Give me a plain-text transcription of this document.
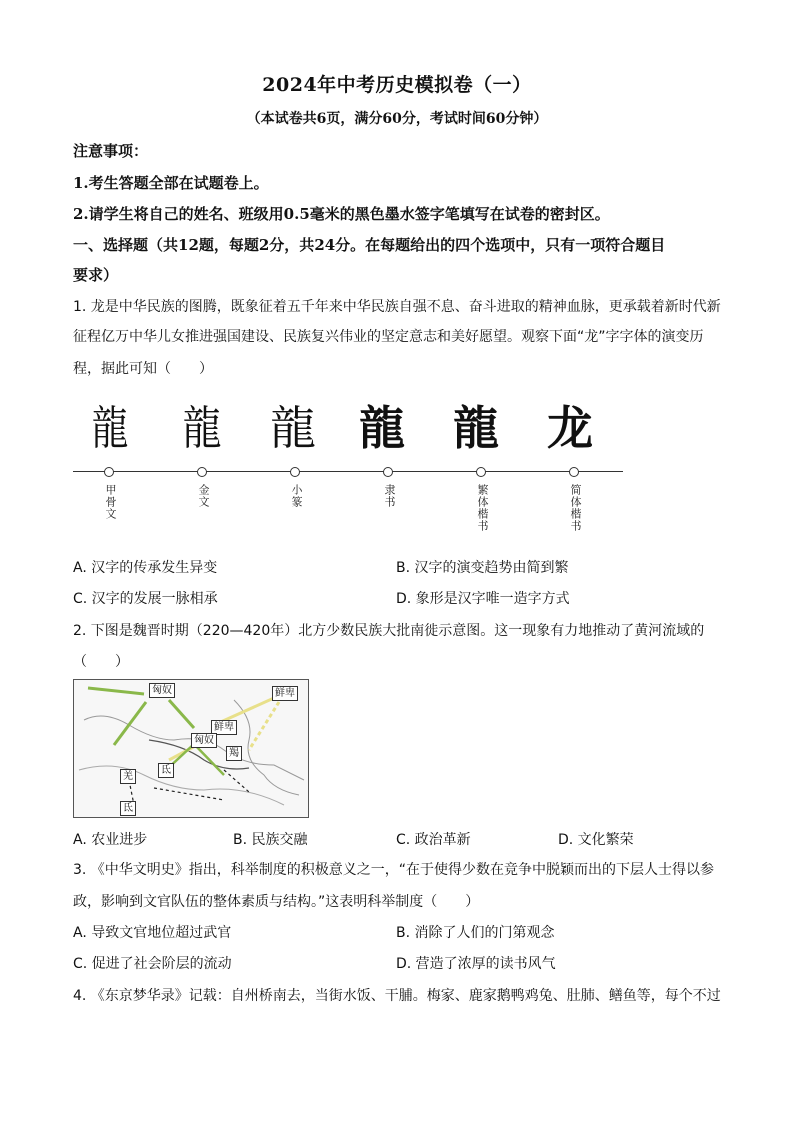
2024年中考历史模拟卷（一）
（本试卷共6页，满分60分，考试时间60分钟）
注意事项：
1.考生答题全部在试题卷上。
2.请学生将自己的姓名、班级用0.5毫米的黑色墨水签字笔填写在试卷的密封区。
一、选择题（共12题，每题2分，共24分。在每题给出的四个选项中，只有一项符合题目
要求）
1. 龙是中华民族的图腾，既象征着五千年来中华民族自强不息、奋斗进取的精神血脉，更承载着新时代新
征程亿万中华儿女推进强国建设、民族复兴伟业的坚定意志和美好愿望。观察下面“龙”字字体的演变历
程，据此可知（　　）
龍 龍 龍 龍 龍 龙
甲骨文	金文	小篆	隶书	繁体楷书	简体楷书
A. 汉字的传承发生异变	B. 汉字的演变趋势由简到繁
C. 汉字的发展一脉相承	D. 象形是汉字唯一造字方式
2. 下图是魏晋时期（220—420年）北方少数民族大批南徙示意图。这一现象有力地推动了黄河流域的
（　　）
匈奴	鲜卑
鲜卑
匈奴
羯
羌
氐
氐
A. 农业进步	B. 民族交融	C. 政治革新	D. 文化繁荣
3. 《中华文明史》指出，科举制度的积极意义之一，“在于使得少数在竞争中脱颖而出的下层人士得以参
政，影响到文官队伍的整体素质与结构。”这表明科举制度（　　）
A. 导致文官地位超过武官	B. 消除了人们的门第观念
C. 促进了社会阶层的流动	D. 营造了浓厚的读书风气
4. 《东京梦华录》记载：自州桥南去，当街水饭、干脯。梅家、鹿家鹅鸭鸡兔、肚肺、鳝鱼等，每个不过
